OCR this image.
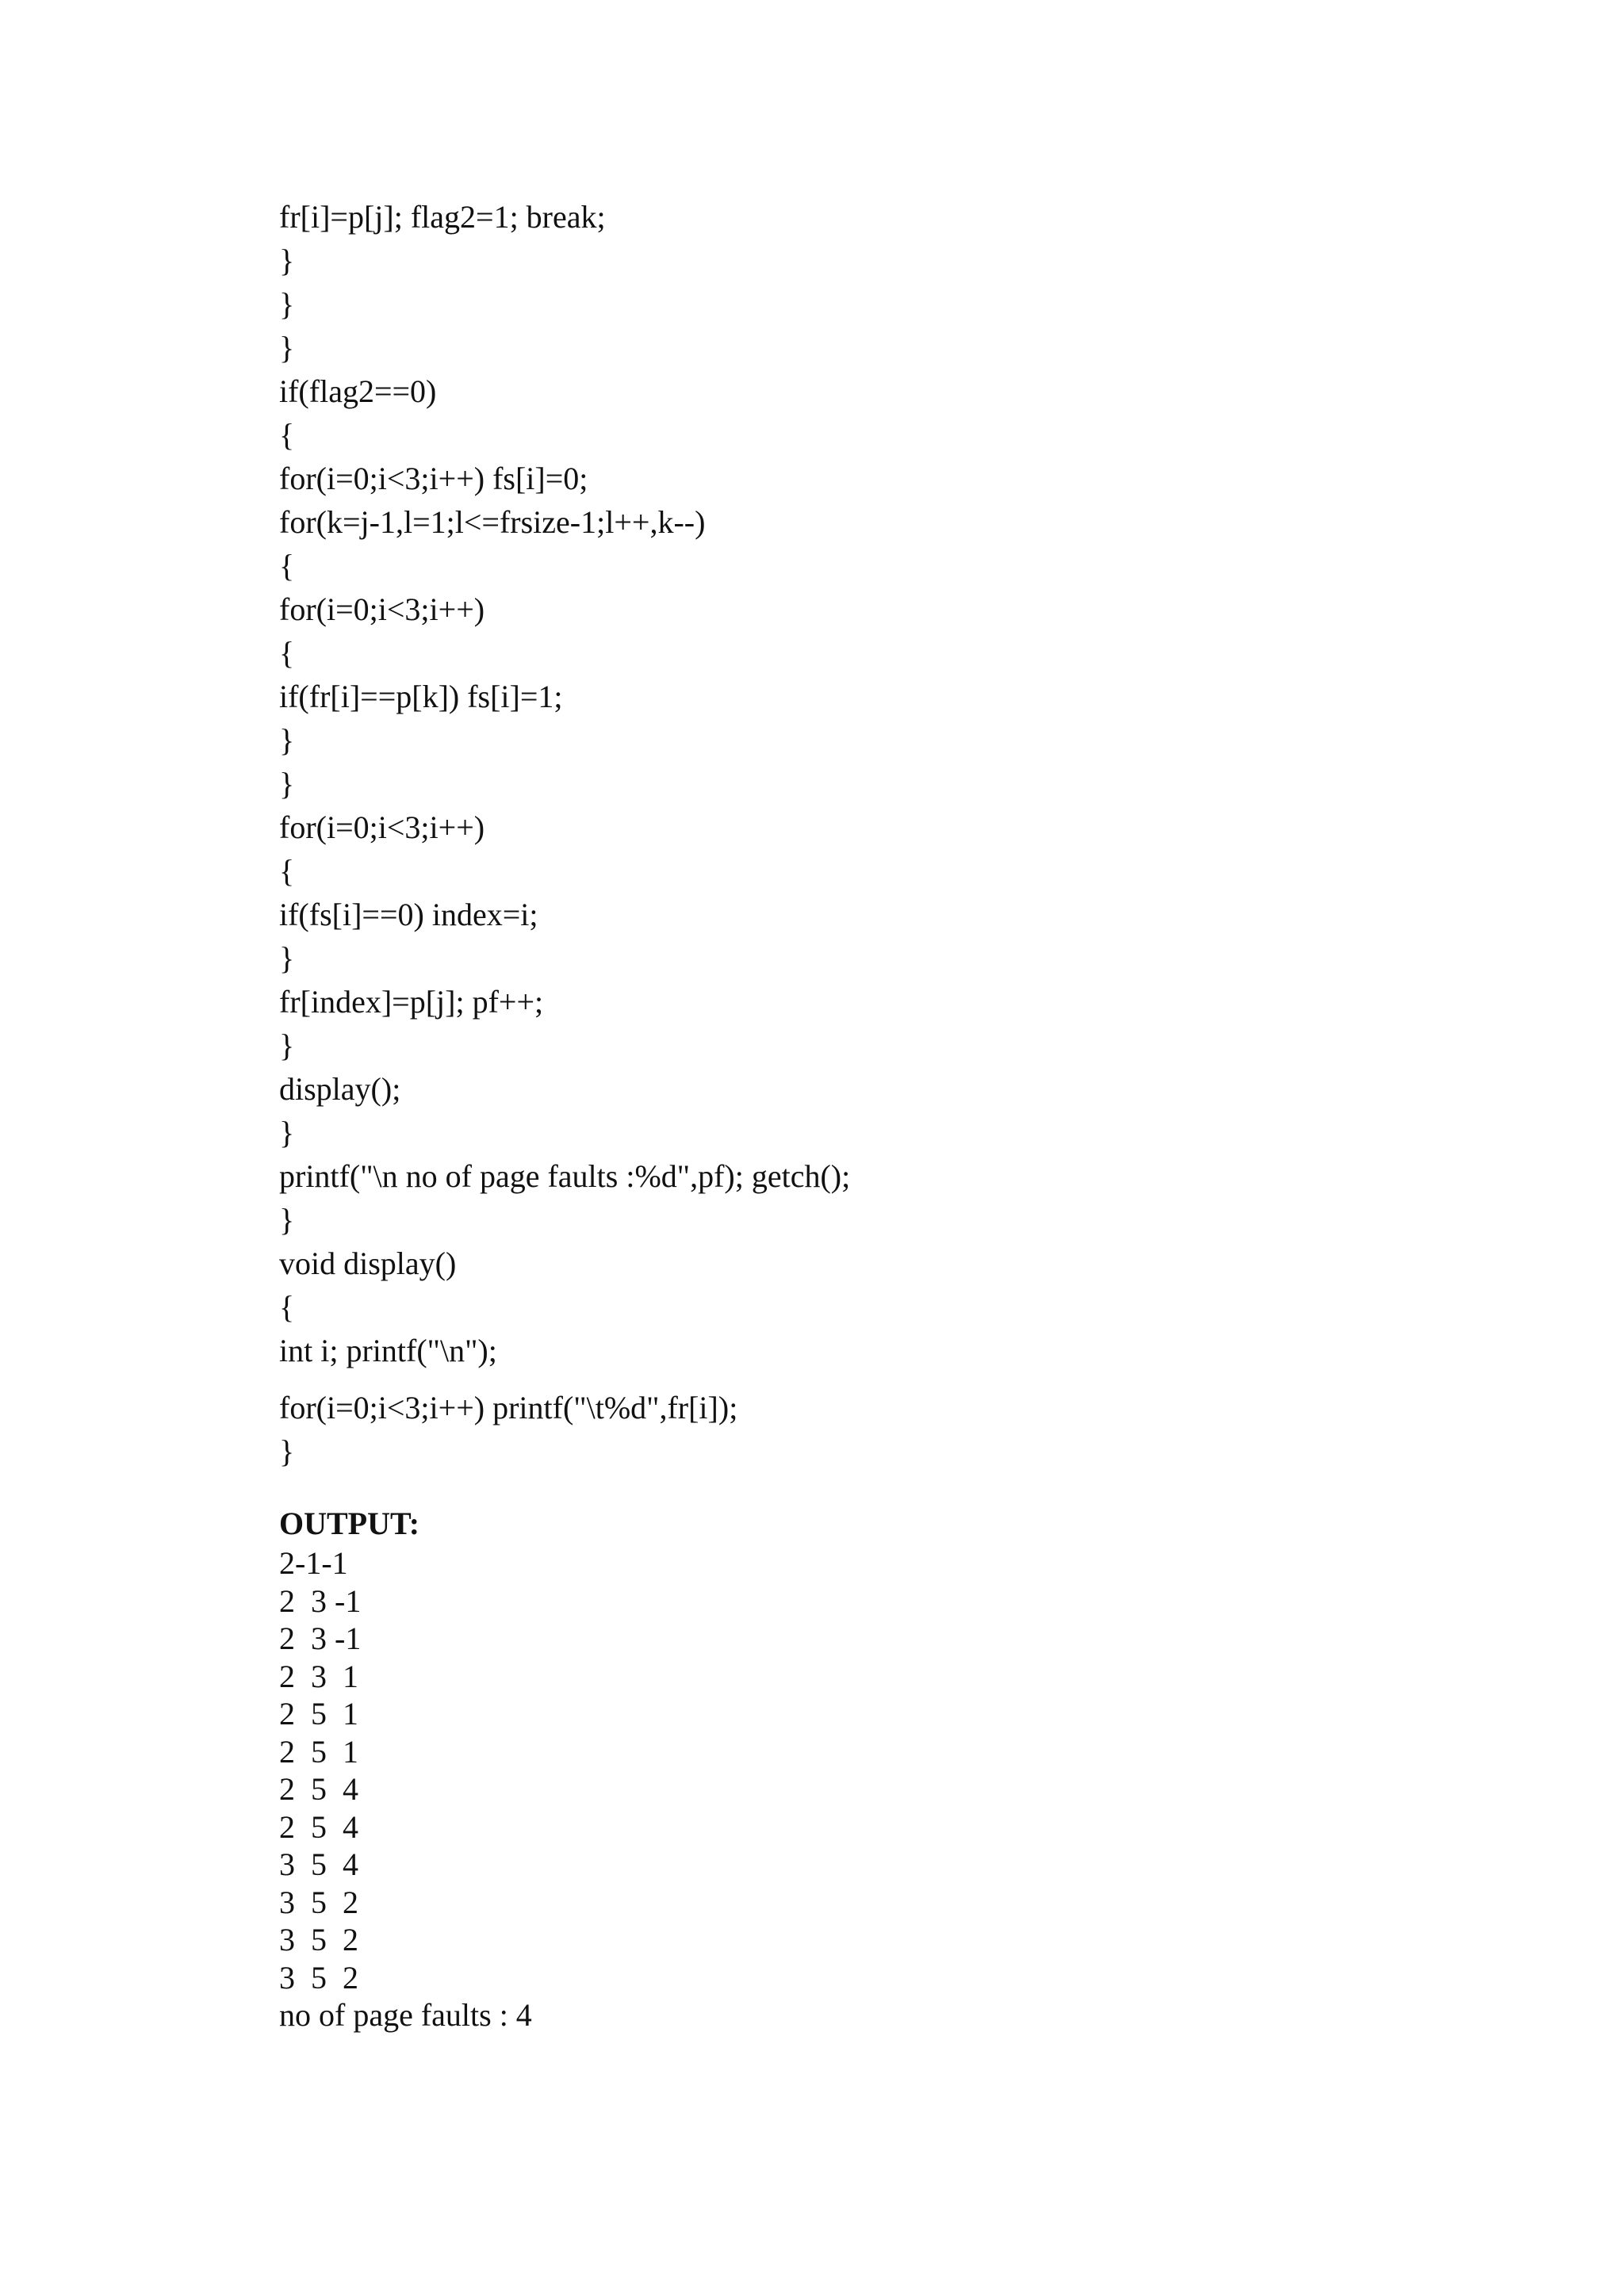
fr[i]=p[j]; flag2=1; break;
}
}
}
if(flag2==0)
{
for(i=0;i<3;i++) fs[i]=0;
for(k=j-1,l=1;l<=frsize-1;l++,k--)
{
for(i=0;i<3;i++)
{
if(fr[i]==p[k]) fs[i]=1;
}
}
for(i=0;i<3;i++)
{
if(fs[i]==0) index=i;
}
fr[index]=p[j]; pf++;
}
display();
}
printf("\n no of page faults :%d",pf); getch();
}
void display()
{
int i; printf("\n");
for(i=0;i<3;i++) printf("\t%d",fr[i]);
}
OUTPUT:
2-1-1
2  3 -1
2  3 -1
2  3  1
2  5  1
2  5  1
2  5  4
2  5  4
3  5  4
3  5  2
3  5  2
3  5  2
no of page faults : 4
